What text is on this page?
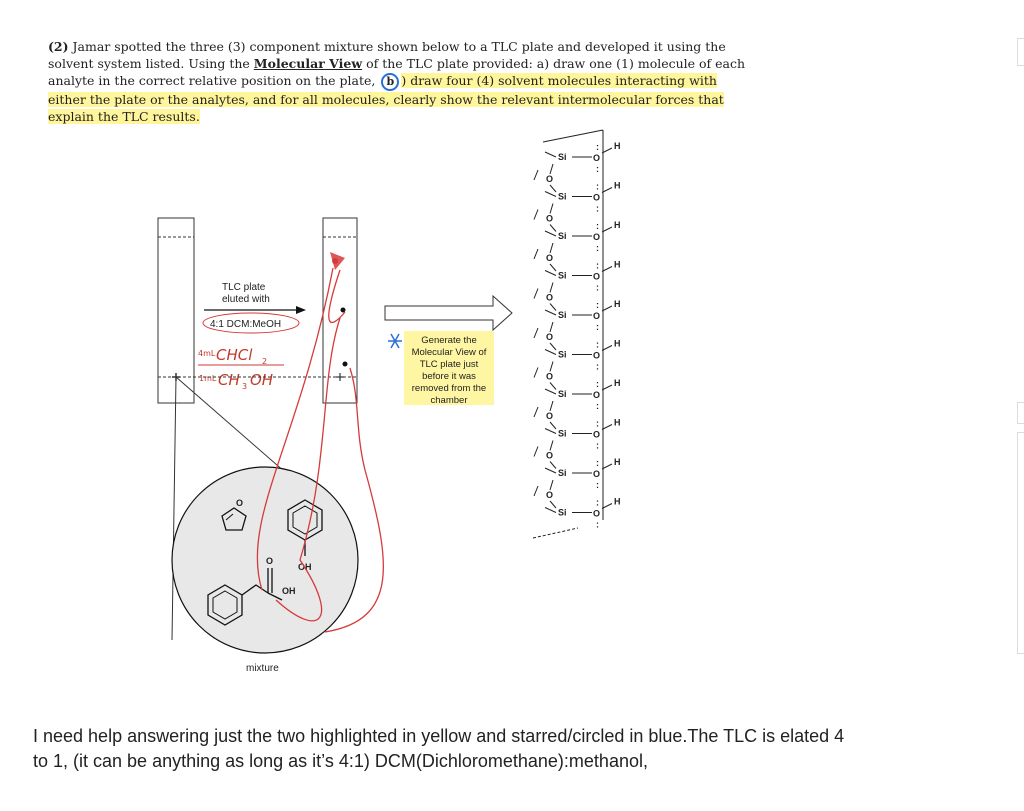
(2) Jamar spotted the three (3) component mixture shown below to a TLC plate and developed it using the solvent system listed. Using the Molecular View of the TLC plate provided: a) draw one (1) molecule of each analyte in the correct relative position on the plate, b ) draw four (4) solvent molecules interacting with either the plate or the analytes, and for all molecules, clearly show the relevant intermolecular forces that explain the TLC results.

TLC plate
eluted with
4:1 DCM:MeOH
4mL CHCl 2
1mL CH 3 OH
mixture
O
OH
O
OH
Generate the
Molecular View of
TLC plate just
before it was
removed from the
chamber
Si	O
:
:
H
O
Si	O
:
:
H
O
Si	O
:
:
H
O
Si	O
:
:
H
O
Si	O
:
:
H
O
Si	O
:
:
H
O
Si	O
:
:
H
O
Si	O
:
:
H
O
Si	O
:
:
H
O
Si	O
:
:
H

I need help answering just the two highlighted in yellow and starred/circled in blue.The TLC is elated 4 to 1, (it can be anything as long as it’s 4:1) DCM(Dichloromethane):methanol,
